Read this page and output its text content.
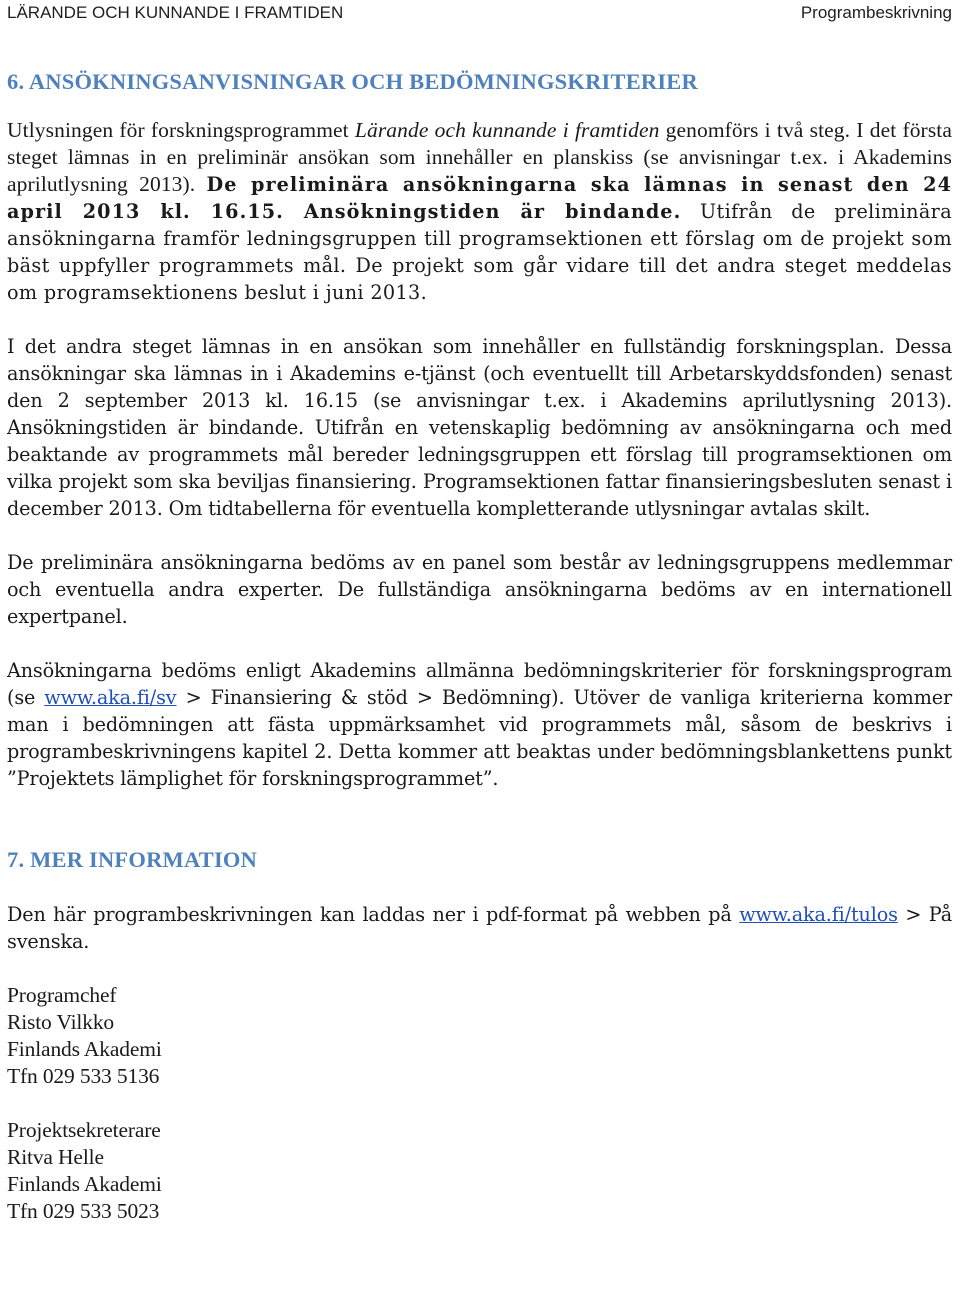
LÄRANDE OCH KUNNANDE I FRAMTIDEN	Programbeskrivning
6. ANSÖKNINGSANVISNINGAR OCH BEDÖMNINGSKRITERIER

Utlysningen för forskningsprogrammet Lärande och kunnande i framtiden genomförs i två steg. I det första steget lämnas in en preliminär ansökan som innehåller en planskiss (se anvisningar t.ex. i Akademins aprilutlysning 2013). De preliminära ansökningarna ska lämnas in senast den 24 april 2013 kl. 16.15. Ansökningstiden är bindande. Utifrån de preliminära ansökningarna framför ledningsgruppen till programsektionen ett förslag om de projekt som bäst uppfyller programmets mål. De projekt som går vidare till det andra steget meddelas om programsektionens beslut i juni 2013.

I det andra steget lämnas in en ansökan som innehåller en fullständig forskningsplan. Dessa ansökningar ska lämnas in i Akademins e-tjänst (och eventuellt till Arbetarskyddsfonden) senast den 2 september 2013 kl. 16.15 (se anvisningar t.ex. i Akademins aprilutlysning 2013). Ansökningstiden är bindande. Utifrån en vetenskaplig bedömning av ansökningarna och med beaktande av programmets mål bereder ledningsgruppen ett förslag till programsektionen om vilka projekt som ska beviljas finansiering. Programsektionen fattar finansieringsbesluten senast i december 2013. Om tidtabellerna för eventuella kompletterande utlysningar avtalas skilt.

De preliminära ansökningarna bedöms av en panel som består av ledningsgruppens medlemmar och eventuella andra experter. De fullständiga ansökningarna bedöms av en internationell expertpanel.

Ansökningarna bedöms enligt Akademins allmänna bedömningskriterier för forskningsprogram (se www.aka.fi/sv > Finansiering & stöd > Bedömning). Utöver de vanliga kriterierna kommer man i bedömningen att fästa uppmärksamhet vid programmets mål, såsom de beskrivs i programbeskrivningens kapitel 2. Detta kommer att beaktas under bedömningsblankettens punkt ”Projektets lämplighet för forskningsprogrammet”.

7. MER INFORMATION

Den här programbeskrivningen kan laddas ner i pdf-format på webben på www.aka.fi/tulos > På svenska.

Programchef
Risto Vilkko
Finlands Akademi
Tfn 029 533 5136

Projektsekreterare
Ritva Helle
Finlands Akademi
Tfn 029 533 5023
